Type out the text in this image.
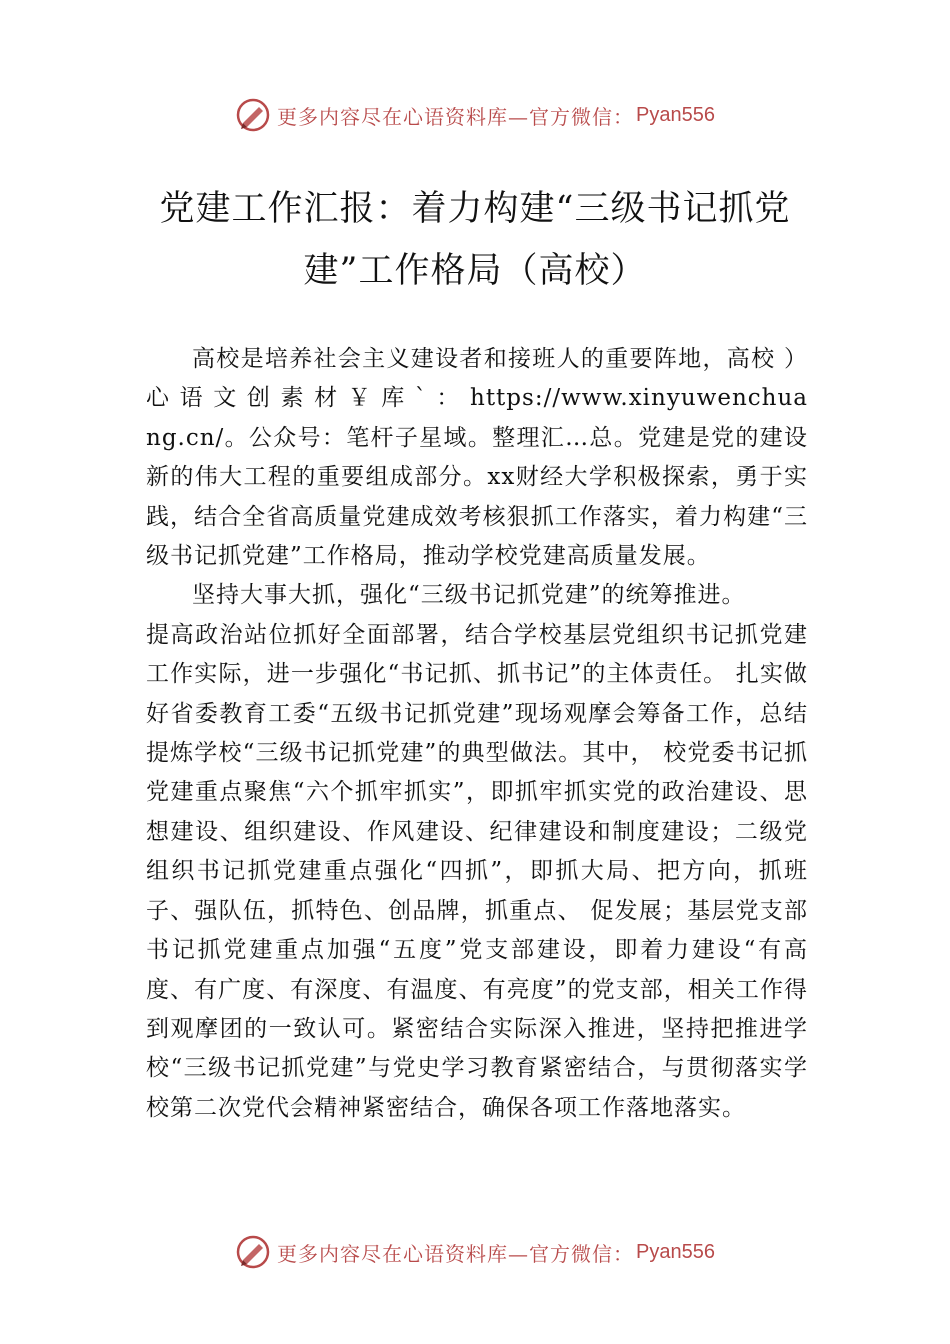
更多内容尽在心语资料库—官方微信： Pyan556
党建工作汇报：着力构建“三级书记抓党建”工作格局（高校）

高校是培养社会主义建设者和接班人的重要阵地，高校 ） 心 语 文 创 素 材 ￥ 库 ` ： https://www.xinyuwenchuang.cn/。公众号：笔杆子星域。整理汇…总。党建是党的建设新的伟大工程的重要组成部分。xx财经大学积极探索，勇于实践，结合全省高质量党建成效考核狠抓工作落实，着力构建“三级书记抓党建”工作格局，推动学校党建高质量发展。

坚持大事大抓，强化“三级书记抓党建”的统筹推进。

提高政治站位抓好全面部署，结合学校基层党组织书记抓党建工作实际，进一步强化“书记抓、抓书记”的主体责任。 扎实做好省委教育工委“五级书记抓党建”现场观摩会筹备工作，总结提炼学校“三级书记抓党建”的典型做法。其中， 校党委书记抓党建重点聚焦“六个抓牢抓实”，即抓牢抓实党的政治建设、思想建设、组织建设、作风建设、纪律建设和制度建设；二级党组织书记抓党建重点强化“四抓”，即抓大局、把方向，抓班子、强队伍，抓特色、创品牌，抓重点、 促发展；基层党支部书记抓党建重点加强“五度”党支部建设，即着力建设“有高度、有广度、有深度、有温度、有亮度”的党支部，相关工作得到观摩团的一致认可。紧密结合实际深入推进，坚持把推进学校“三级书记抓党建”与党史学习教育紧密结合，与贯彻落实学校第二次党代会精神紧密结合，确保各项工作落地落实。

更多内容尽在心语资料库—官方微信： Pyan556
